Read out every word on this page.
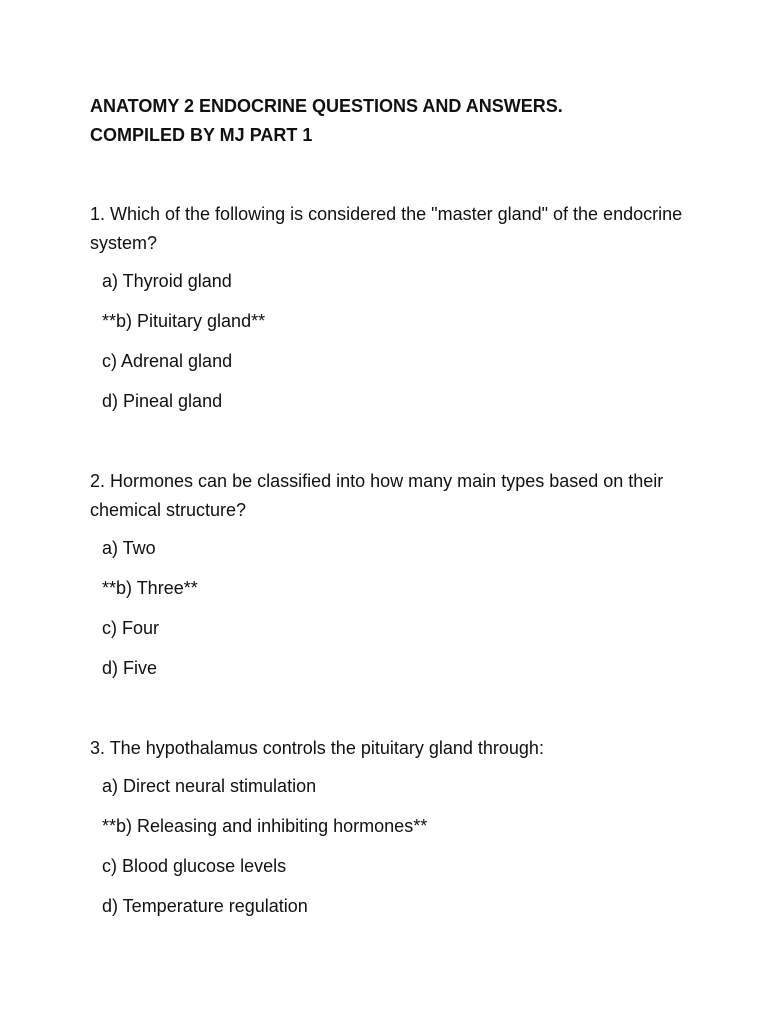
ANATOMY 2 ENDOCRINE QUESTIONS AND ANSWERS.
COMPILED BY MJ PART 1

1. Which of the following is considered the "master gland" of the endocrine system?

a) Thyroid gland
**b) Pituitary gland**
c) Adrenal gland
d) Pineal gland

2. Hormones can be classified into how many main types based on their chemical structure?

a) Two
**b) Three**
c) Four
d) Five

3. The hypothalamus controls the pituitary gland through:

a) Direct neural stimulation
**b) Releasing and inhibiting hormones**
c) Blood glucose levels
d) Temperature regulation
